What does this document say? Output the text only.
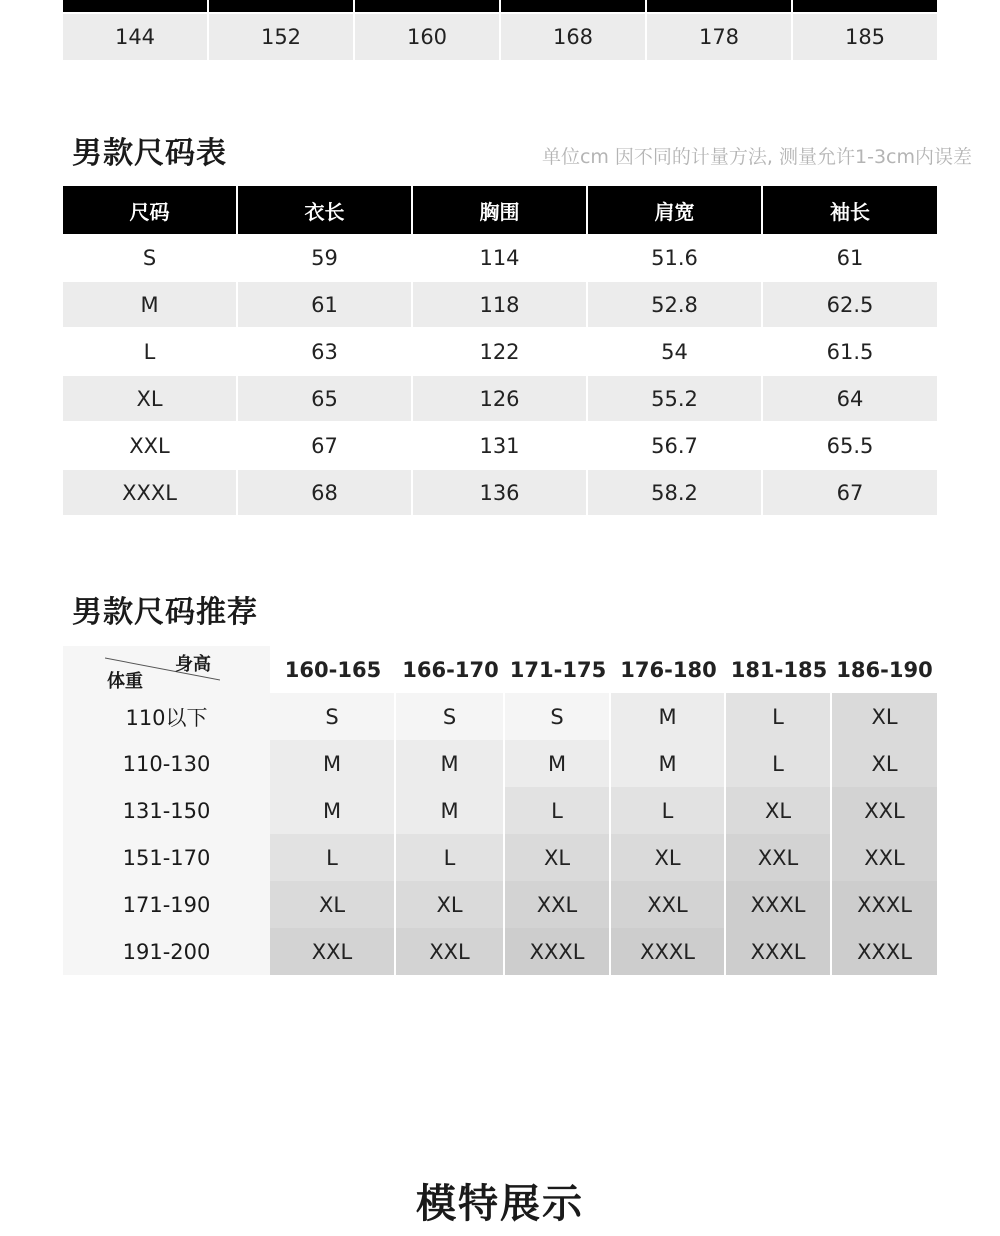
144	152	160	168	178	185
男款尺码表	单位cm 因不同的计量方法, 测量允许1-3cm内误差
尺码	衣长	胸围	肩宽	袖长
S	59	114	51.6	61
M	61	118	52.8	62.5
L	63	122	54	61.5
XL	65	126	55.2	64
XXL	67	131	56.7	65.5
XXXL	68	136	58.2	67
男款尺码推荐
身高
体重	160-165	166-170 171-175 176-180 181-185 186-190
110以下	S	S	S	M	L	XL
110-130	M	M	M	M	L	XL
131-150	M	M	L	L	XL	XXL
151-170	L	L	XL	XL	XXL	XXL
171-190	XL	XL	XXL	XXL	XXXL	XXXL
191-200	XXL	XXL	XXXL	XXXL	XXXL	XXXL
模特展示
